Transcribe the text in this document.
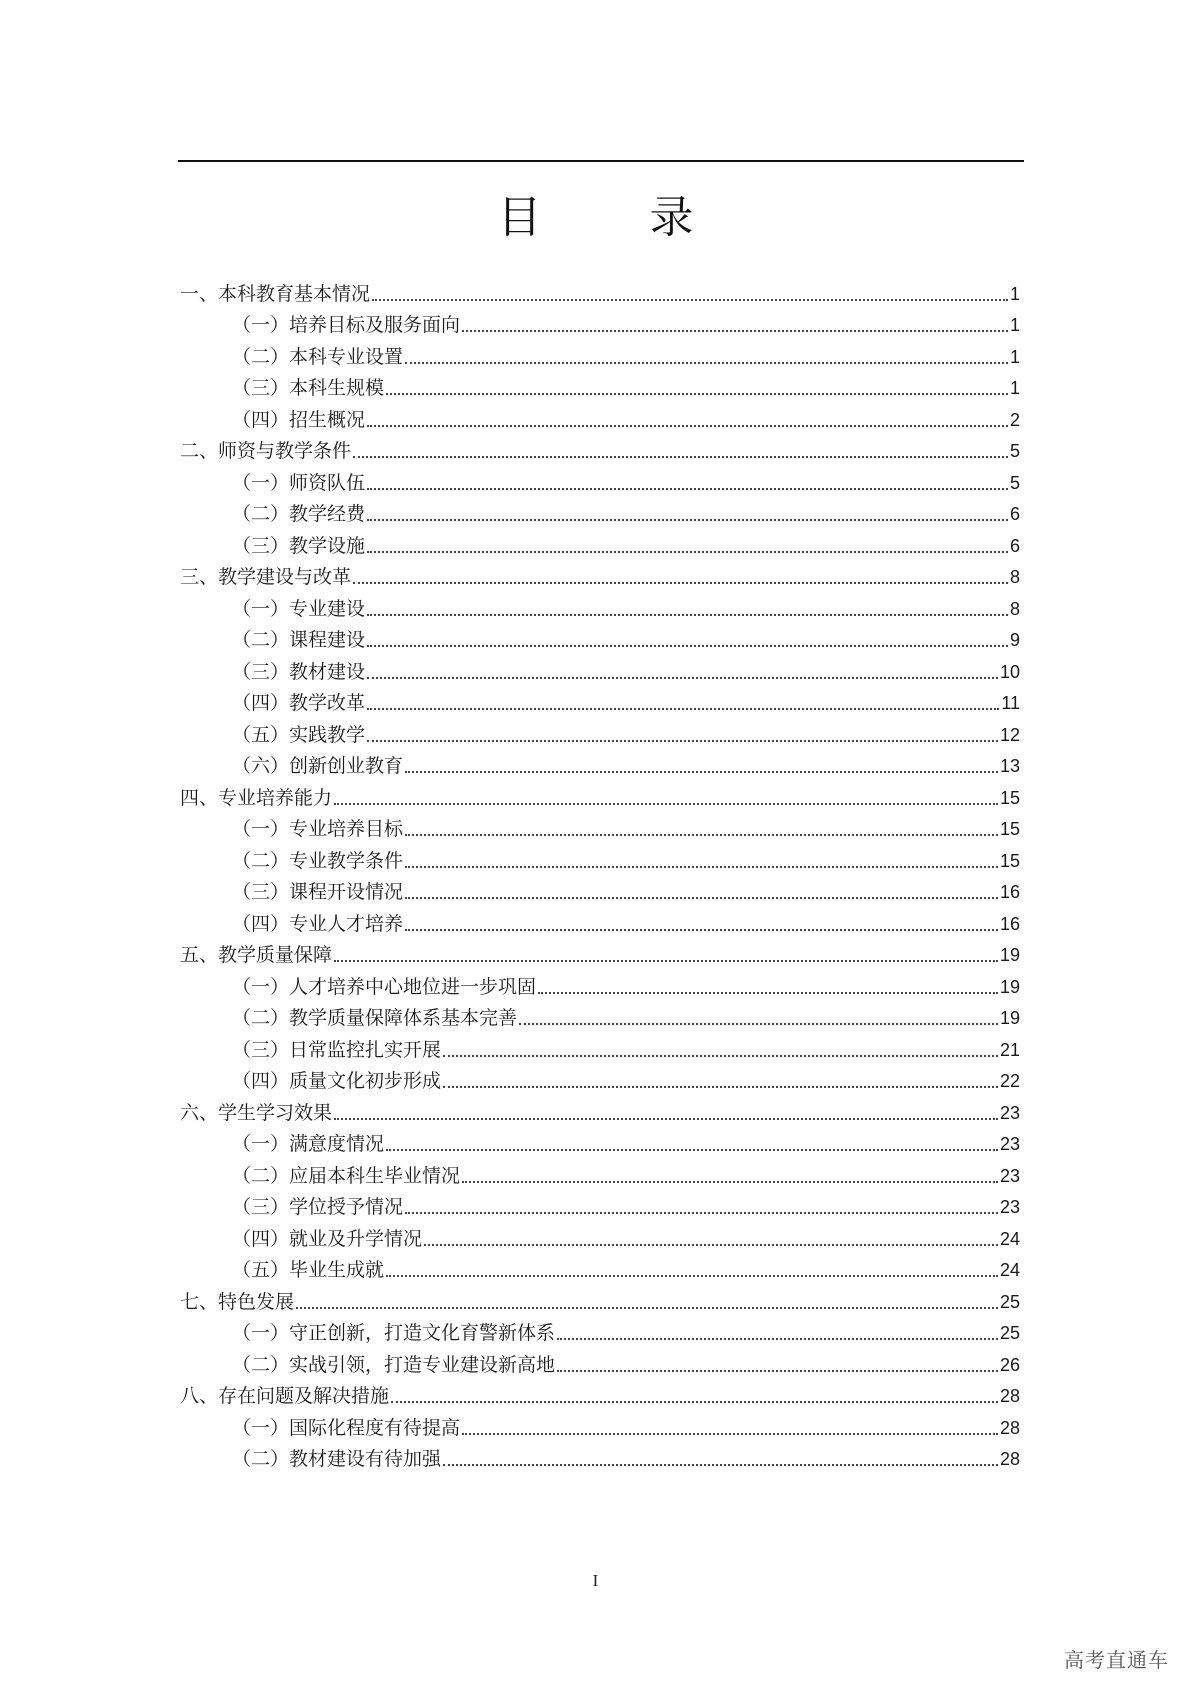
目　录
一、本科教育基本情况	1
（一）培养目标及服务面向	1
（二）本科专业设置	1
（三）本科生规模	1
（四）招生概况	2
二、师资与教学条件	5
（一）师资队伍	5
（二）教学经费	6
（三）教学设施	6
三、教学建设与改革	8
（一）专业建设	8
（二）课程建设	9
（三）教材建设	10
（四）教学改革	11
（五）实践教学	12
（六）创新创业教育	13
四、专业培养能力	15
（一）专业培养目标	15
（二）专业教学条件	15
（三）课程开设情况	16
（四）专业人才培养	16
五、教学质量保障	19
（一）人才培养中心地位进一步巩固	19
（二）教学质量保障体系基本完善	19
（三）日常监控扎实开展	21
（四）质量文化初步形成	22
六、学生学习效果	23
（一）满意度情况	23
（二）应届本科生毕业情况	23
（三）学位授予情况	23
（四）就业及升学情况	24
（五）毕业生成就	24
七、特色发展	25
（一）守正创新，打造文化育警新体系	25
（二）实战引领，打造专业建设新高地	26
八、存在问题及解决措施	28
（一）国际化程度有待提高	28
（二）教材建设有待加强	28
I
高考直通车
